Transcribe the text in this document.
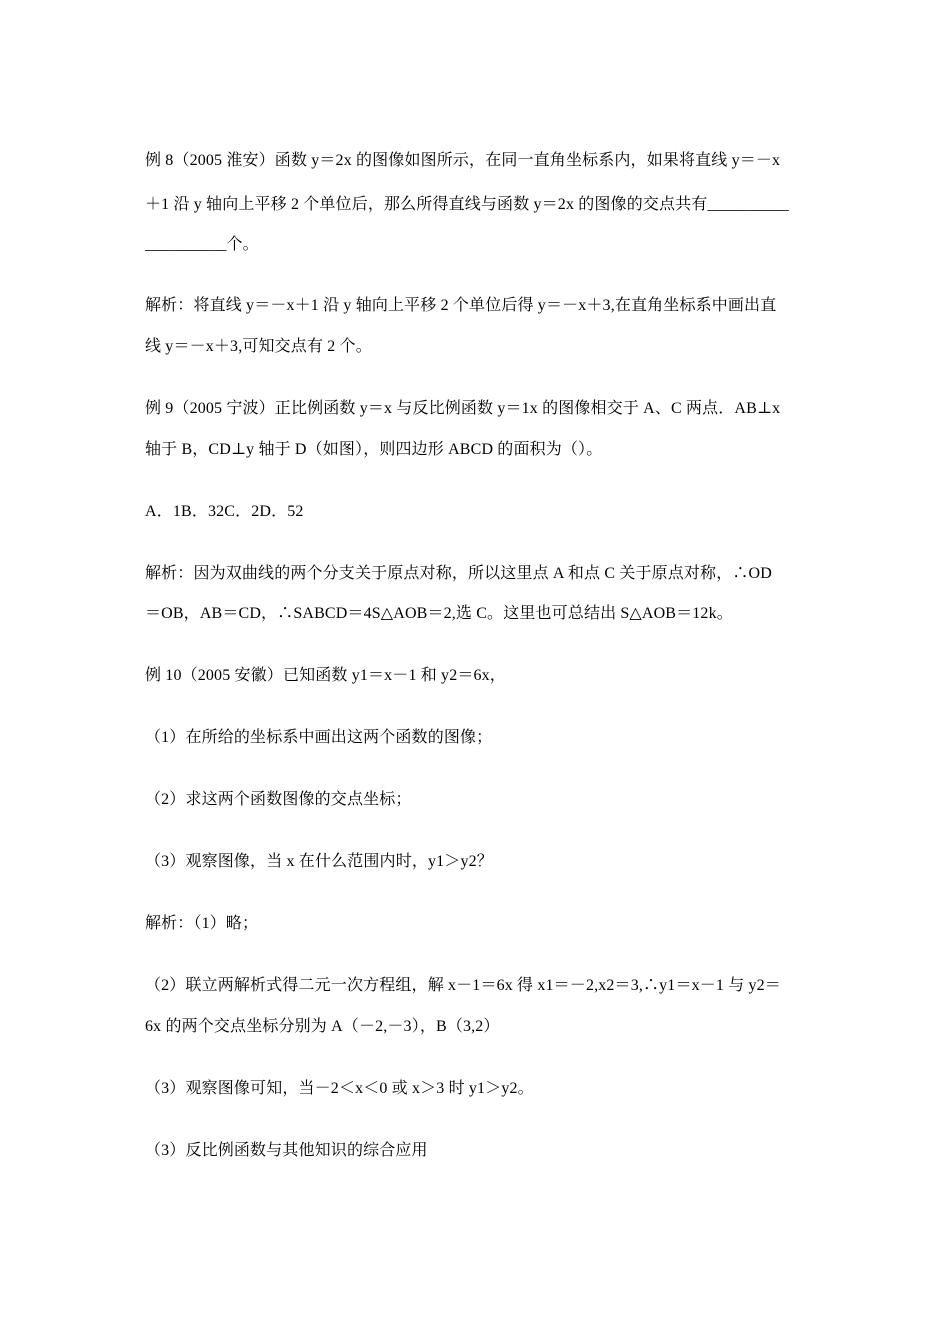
例 8（2005 淮安）函数 y＝2x 的图像如图所示，在同一直角坐标系内，如果将直线 y＝－x
＋1 沿 y 轴向上平移 2 个单位后，那么所得直线与函数 y＝2x 的图像的交点共有__________
__________个。
解析：将直线 y＝－x＋1 沿 y 轴向上平移 2 个单位后得 y＝－x＋3,在直角坐标系中画出直
线 y＝－x＋3,可知交点有 2 个。
例 9（2005 宁波）正比例函数 y＝x 与反比例函数 y＝1x 的图像相交于 A、C 两点．AB⊥x
轴于 B，CD⊥y 轴于 D（如图），则四边形 ABCD 的面积为（）。
A．1B．32C．2D．52
解析：因为双曲线的两个分支关于原点对称，所以这里点 A 和点 C 关于原点对称，∴OD
＝OB，AB＝CD，∴SABCD＝4S△AOB＝2,选 C。这里也可总结出 S△AOB＝12k。
例 10（2005 安徽）已知函数 y1＝x－1 和 y2＝6x，
（1）在所给的坐标系中画出这两个函数的图像；
（2）求这两个函数图像的交点坐标；
（3）观察图像，当 x 在什么范围内时，y1＞y2？
解析：（1）略；
（2）联立两解析式得二元一次方程组，解 x－1＝6x 得 x1＝－2,x2＝3,∴y1＝x－1 与 y2＝
6x 的两个交点坐标分别为 A（－2,－3），B（3,2）
（3）观察图像可知，当－2＜x＜0 或 x＞3 时 y1＞y2。
（3）反比例函数与其他知识的综合应用
